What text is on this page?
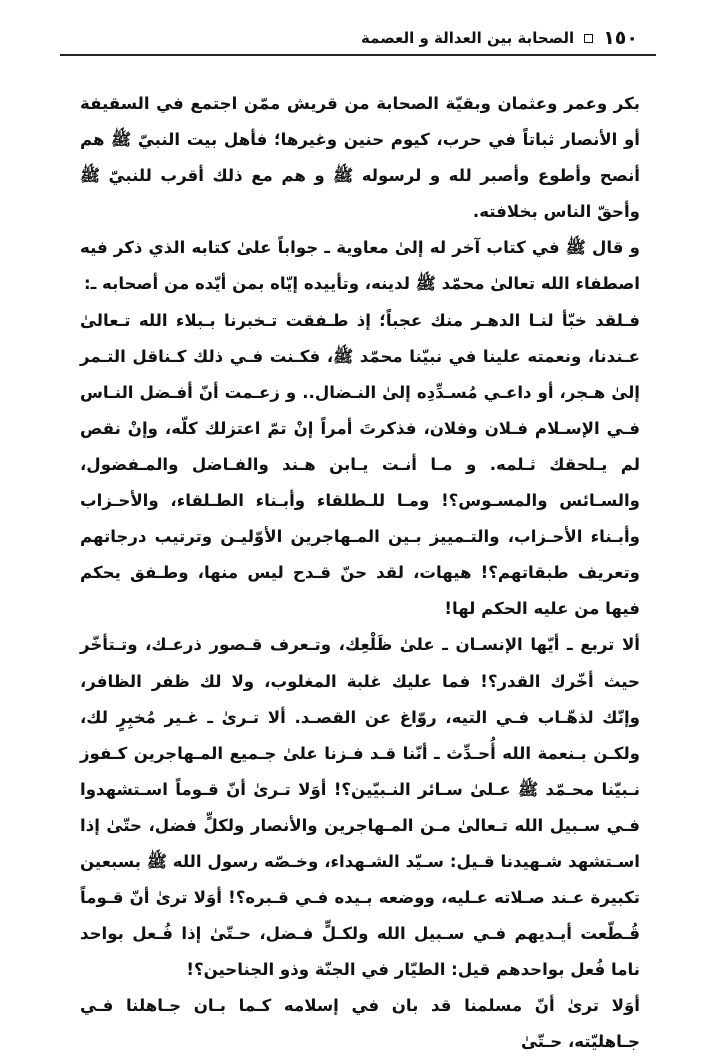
١٥٠
الصحابة بين العدالة و العصمة

بكر وعمر وعثمان وبقيّة الصحابة من قريش ممّن اجتمع في السقيفة أو الأنصار ثباتاً في حرب، كيوم حنين وغيرها؛ فأهل بيت النبيّ ﷺ هم أنصح وأطوع وأصبر لله و لرسوله ﷺ و هم مع ذلك أقرب للنبيّ ﷺ وأحقّ الناس بخلافته.

و قال ﷺ في كتاب آخر له إلىٰ معاوية ـ جواباً علىٰ كتابه الذي ذكر فيه اصطفاء الله تعالىٰ محمّد ﷺ لدينه، وتأييده إيّاه بمن أيّده من أصحابه ـ:

فـلقد خبّأ لنـا الدهـر منك عجباً؛ إذ طـفقت تـخبرنا بـبلاء الله تـعالىٰ عـندنا، ونعمته علينا في نبيّنا محمّد ﷺ، فكـنت فـي ذلك كـناقل التـمر إلىٰ هـجر، أو داعـي مُسـدِّدِه إلىٰ النـضال.. و زعـمت أنّ أفـضل النـاس فـي الإسـلام فـلان وفلان، فذكرتَ أمراً إنْ تمّ اعتزلك كلّه، وإنْ نقص لم يـلحقك ثـلمه. و مـا أنـت يـابن هـند والفـاضل والمـفضول، والسـائس والمسـوس؟! ومـا للـطلقاء وأبـناء الطـلقاء، والأحـزاب وأبـناء الأحـزاب، والتـمييز بـين المـهاجرين الأوّليـن وترتيب درجاتهم وتعريف طبقاتهم؟! هيهات، لقد حنّ قـدح ليس منها، وطـفق يحكم فيها من عليه الحكم لها!

ألا تربع ـ أيّها الإنسـان ـ علىٰ ظَلْعِك، وتـعرف قـصور ذرعـك، وتـتأخّر حيث أخّرك القدر؟! فما عليك غلبة المغلوب، ولا لك ظفر الظافر، وإنّك لذهّـاب فـي التيه، روّاغ عن القصـد. ألا تـرىٰ ـ غـير مُخبِرٍ لك، ولكـن بـنعمة الله أُحـدِّث ـ أنّنا قـد فـزنا علىٰ جـميع المـهاجرين كـفوز نـبيّنا محـمّد ﷺ عـلىٰ سـائر النـبيّين؟! أوَلا تـرىٰ أنّ قـوماً اسـتشهدوا فـي سـبيل الله تـعالىٰ مـن المـهاجرين والأنصار ولكلٍّ فضل، حتّىٰ إذا اسـتشهد شـهيدنا قـيل: سـيّد الشـهداء، وخـصّه رسول الله ﷺ بسبعين تكبيرة عـند صـلاته عـليه، ووضعه بـيده فـي قـبره؟! أوَلا ترىٰ أنّ قـوماً قُـطّعت أيـديهم فـي سـبيل الله ولكـلٍّ فـضل، حـتّىٰ إذا فُـعل بواحد ناما فُعل بواحدهم قيل: الطيّار في الجنّة وذو الجناحين؟!

أوَلا ترىٰ أنّ مسلمنا قد بان في إسلامه كـما بـان جـاهلنا فـي جـاهليّته، حـتّىٰ
